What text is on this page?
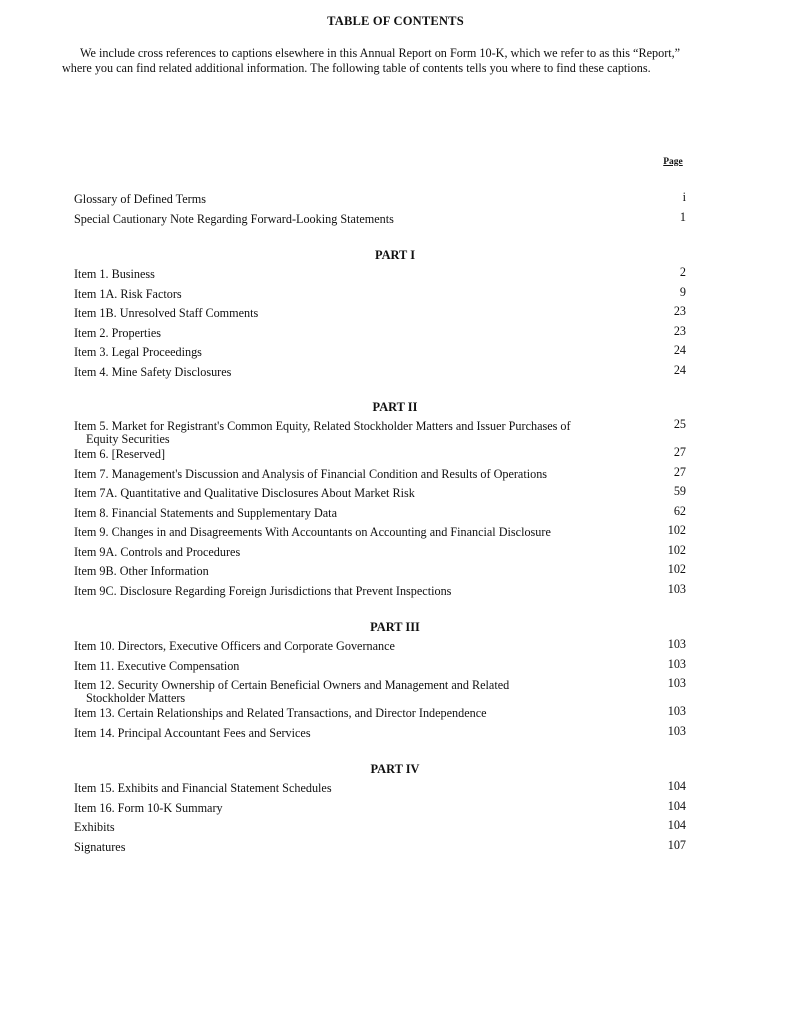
TABLE OF CONTENTS

We include cross references to captions elsewhere in this Annual Report on Form 10-K, which we refer to as this “Report,” where you can find related additional information. The following table of contents tells you where to find these captions.

Page
Glossary of Defined Terms	i
Special Cautionary Note Regarding Forward-Looking Statements	1
PART I
Item 1. Business	2
Item 1A. Risk Factors	9
Item 1B. Unresolved Staff Comments	23
Item 2. Properties	23
Item 3. Legal Proceedings	24
Item 4. Mine Safety Disclosures	24
PART II
Item 5. Market for Registrant's Common Equity, Related Stockholder Matters and Issuer Purchases of
Equity Securities
25
Item 6. [Reserved]	27
Item 7. Management's Discussion and Analysis of Financial Condition and Results of Operations	27
Item 7A. Quantitative and Qualitative Disclosures About Market Risk	59
Item 8. Financial Statements and Supplementary Data	62
Item 9. Changes in and Disagreements With Accountants on Accounting and Financial Disclosure	102
Item 9A. Controls and Procedures	102
Item 9B. Other Information	102
Item 9C. Disclosure Regarding Foreign Jurisdictions that Prevent Inspections	103
PART III
Item 10. Directors, Executive Officers and Corporate Governance	103
Item 11. Executive Compensation	103
Item 12. Security Ownership of Certain Beneficial Owners and Management and Related
Stockholder Matters
103
Item 13. Certain Relationships and Related Transactions, and Director Independence	103
Item 14. Principal Accountant Fees and Services	103
PART IV
Item 15. Exhibits and Financial Statement Schedules	104
Item 16. Form 10-K Summary	104
Exhibits	104
Signatures	107
